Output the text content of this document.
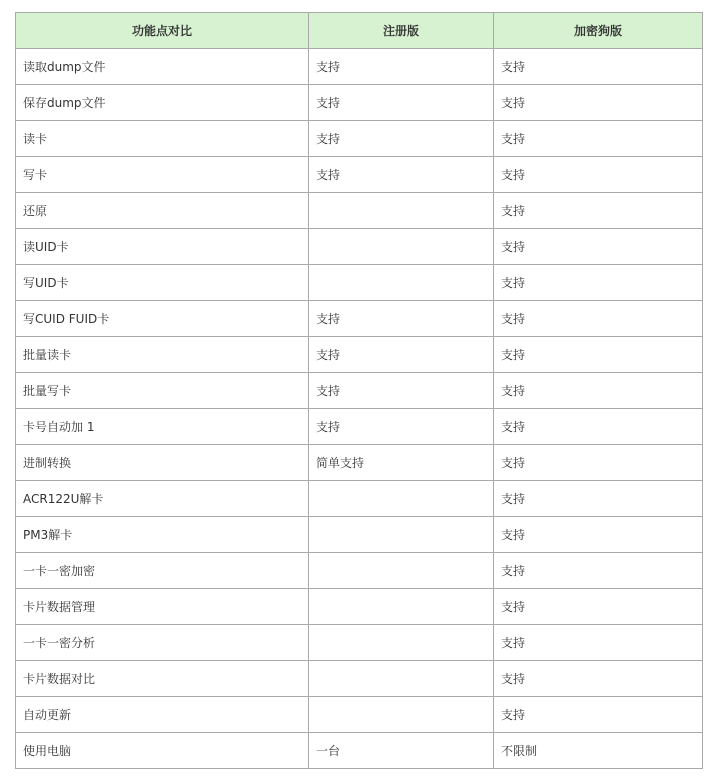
功能点对比	注册版	加密狗版
读取dump文件	支持	支持
保存dump文件	支持	支持
读卡	支持	支持
写卡	支持	支持
还原		支持
读UID卡		支持
写UID卡		支持
写CUID FUID卡	支持	支持
批量读卡	支持	支持
批量写卡	支持	支持
卡号自动加 1	支持	支持
进制转换	简单支持	支持
ACR122U解卡		支持
PM3解卡		支持
一卡一密加密		支持
卡片数据管理		支持
一卡一密分析		支持
卡片数据对比		支持
自动更新		支持
使用电脑	一台	不限制
